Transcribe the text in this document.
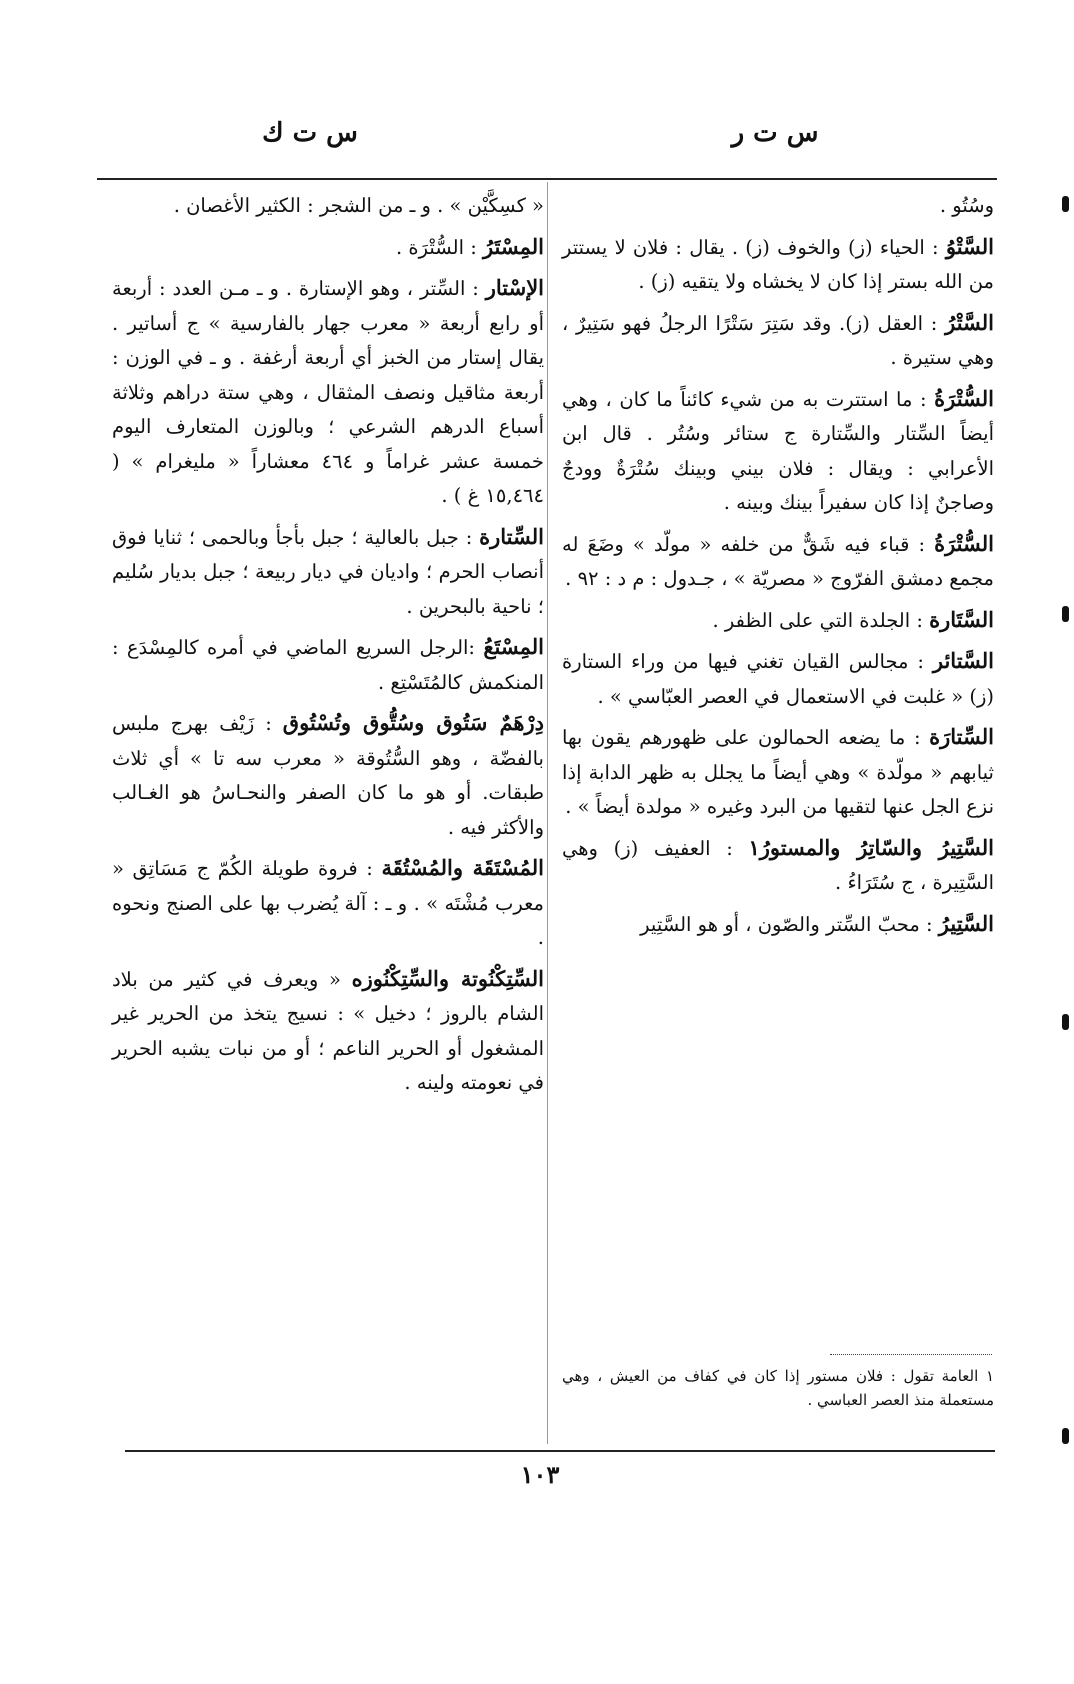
س ت ر
س ت ك

وسُتُو .

السَّتْوُ : الحياء (ز) والخوف (ز) . يقال : فلان لا يستتر من الله بستر إذا كان لا يخشاه ولا يتقيه (ز) .

السَّتْرُ : العقل (ز). وقد سَتِرَ سَتْرًا الرجلُ فهو سَتِيرٌ ، وهي ستيرة .

السُّتْرَةُ : ما استترت به من شيء كائناً ما كان ، وهي أيضاً السِّتار والسِّتارة ج ستائر وسُتُر . قال ابن الأعرابي : ويقال : فلان بيني وبينك سُتْرَةٌ وودجٌ وصاجنٌ إذا كان سفيراً بينك وبينه .

السُّتْرَةُ : قباء فيه شَقٌّ من خلفه « مولّد » وضَعَ له مجمع دمشق الفرّوج « مصريّة » ، جـدول : م د : ٩٢ .

السَّتَارة : الجلدة التي على الظفر .

السَّتائر : مجالس القيان تغني فيها من وراء الستارة (ز) « غلبت في الاستعمال في العصر العبّاسي » .

السِّتارَة : ما يضعه الحمالون على ظهورهم يقون بها ثيابهم « مولّدة » وهي أيضاً ما يجلل به ظهر الدابة إذا نزع الجل عنها لتقيها من البرد وغيره « مولدة أيضاً » .

السَّتِيرُ والسّاتِرُ والمستورُ١ : العفيف (ز) وهي السَّتِيرة ، ج سُتَرَاءُ .

السَّتِيرُ : محبّ السِّتر والصّون ، أو هو السَّتِير

١ العامة تقول : فلان مستور إذا كان في كفاف من العيش ، وهي مستعملة منذ العصر العباسي .

« كسِكَّيْن » . و ـ من الشجر : الكثير الأغصان .

المِسْتَرُ : السُّتْرَة .

الإسْتار : السِّتر ، وهو الإستارة . و ـ مـن العدد : أربعة أو رابع أربعة « معرب جهار بالفارسية » ج أساتير . يقال إستار من الخبز أي أربعة أرغفة . و ـ في الوزن : أربعة مثاقيل ونصف المثقال ، وهي ستة دراهم وثلاثة أسباع الدرهم الشرعي ؛ وبالوزن المتعارف اليوم خمسة عشر غراماً و ٤٦٤ معشاراً « مليغرام » ( ١٥,٤٦٤ غ ) .

السِّتارة : جبل بالعالية ؛ جبل بأجأ وبالحمى ؛ ثنايا فوق أنصاب الحرم ؛ واديان في ديار ربيعة ؛ جبل بديار سُليم ؛ ناحية بالبحرين .

المِسْتَعُ :الرجل السريع الماضي في أمره كالمِسْدَع : المنكمش كالمُتَسْتِع .

دِرْهَمٌ سَتُوق وسُتُّوق وتُسْتُوق : زَيْف بهرج ملبس بالفضّة ، وهو السُّتُوقة « معرب سه تا » أي ثلاث طبقات. أو هو ما كان الصفر والنحـاسُ هو الغـالب والأكثر فيه .

المُسْتَقَة والمُسْتُقَة : فروة طويلة الكُمّ ج مَسَاتِق « معرب مُشْتَه » . و ـ : آلة يُضرب بها على الصنج ونحوه .

السِّتِكْنُوتة والسِّتِكْنُوزه « ويعرف في كثير من بلاد الشام بالروز ؛ دخيل » : نسيج يتخذ من الحرير غير المشغول أو الحرير الناعم ؛ أو من نبات يشبه الحرير في نعومته ولينه .

١٠٣
